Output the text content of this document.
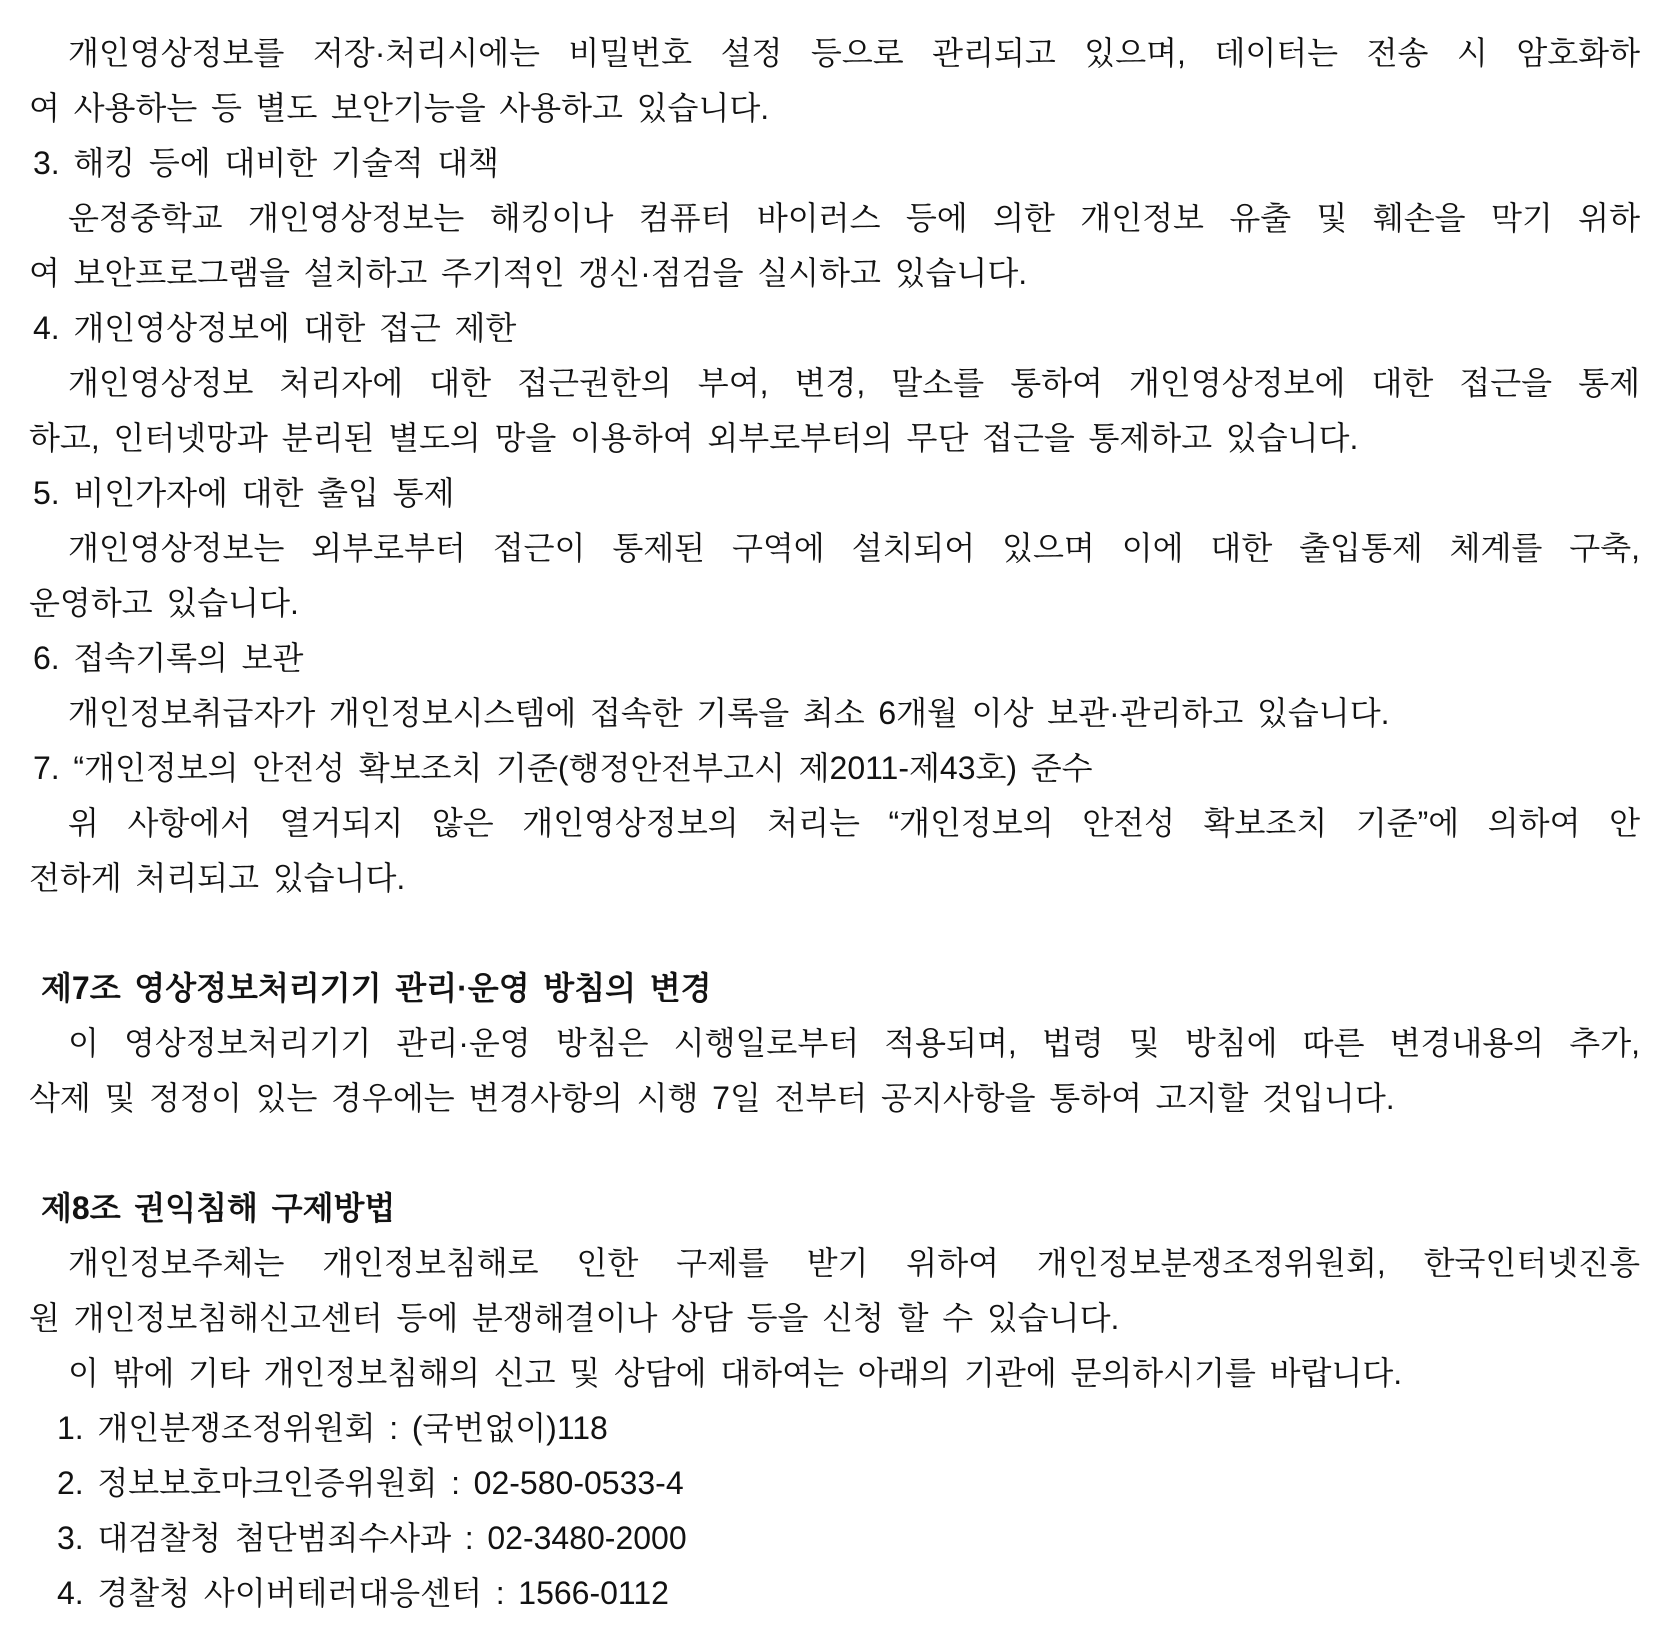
개인영상정보를 저장·처리시에는 비밀번호 설정 등으로 관리되고 있으며, 데이터는 전송 시 암호화하
여 사용하는 등 별도 보안기능을 사용하고 있습니다.
3. 해킹 등에 대비한 기술적 대책
운정중학교 개인영상정보는 해킹이나 컴퓨터 바이러스 등에 의한 개인정보 유출 및 훼손을 막기 위하
여 보안프로그램을 설치하고 주기적인 갱신·점검을 실시하고 있습니다.
4. 개인영상정보에 대한 접근 제한
개인영상정보 처리자에 대한 접근권한의 부여, 변경, 말소를 통하여 개인영상정보에 대한 접근을 통제
하고, 인터넷망과 분리된 별도의 망을 이용하여 외부로부터의 무단 접근을 통제하고 있습니다.
5. 비인가자에 대한 출입 통제
개인영상정보는 외부로부터 접근이 통제된 구역에 설치되어 있으며 이에 대한 출입통제 체계를 구축,
운영하고 있습니다.
6. 접속기록의 보관
개인정보취급자가 개인정보시스템에 접속한 기록을 최소 6개월 이상 보관·관리하고 있습니다.
7. “개인정보의 안전성 확보조치 기준(행정안전부고시 제2011-제43호) 준수
위 사항에서 열거되지 않은 개인영상정보의 처리는 “개인정보의 안전성 확보조치 기준”에 의하여 안
전하게 처리되고 있습니다.

제7조 영상정보처리기기 관리·운영 방침의 변경
이 영상정보처리기기 관리·운영 방침은 시행일로부터 적용되며, 법령 및 방침에 따른 변경내용의 추가,
삭제 및 정정이 있는 경우에는 변경사항의 시행 7일 전부터 공지사항을 통하여 고지할 것입니다.

제8조 권익침해 구제방법
개인정보주체는 개인정보침해로 인한 구제를 받기 위하여 개인정보분쟁조정위원회, 한국인터넷진흥
원 개인정보침해신고센터 등에 분쟁해결이나 상담 등을 신청 할 수 있습니다.
이 밖에 기타 개인정보침해의 신고 및 상담에 대하여는 아래의 기관에 문의하시기를 바랍니다.
1. 개인분쟁조정위원회 : (국번없이)118
2. 정보보호마크인증위원회 : 02-580-0533-4
3. 대검찰청 첨단범죄수사과 : 02-3480-2000
4. 경찰청 사이버테러대응센터 : 1566-0112
